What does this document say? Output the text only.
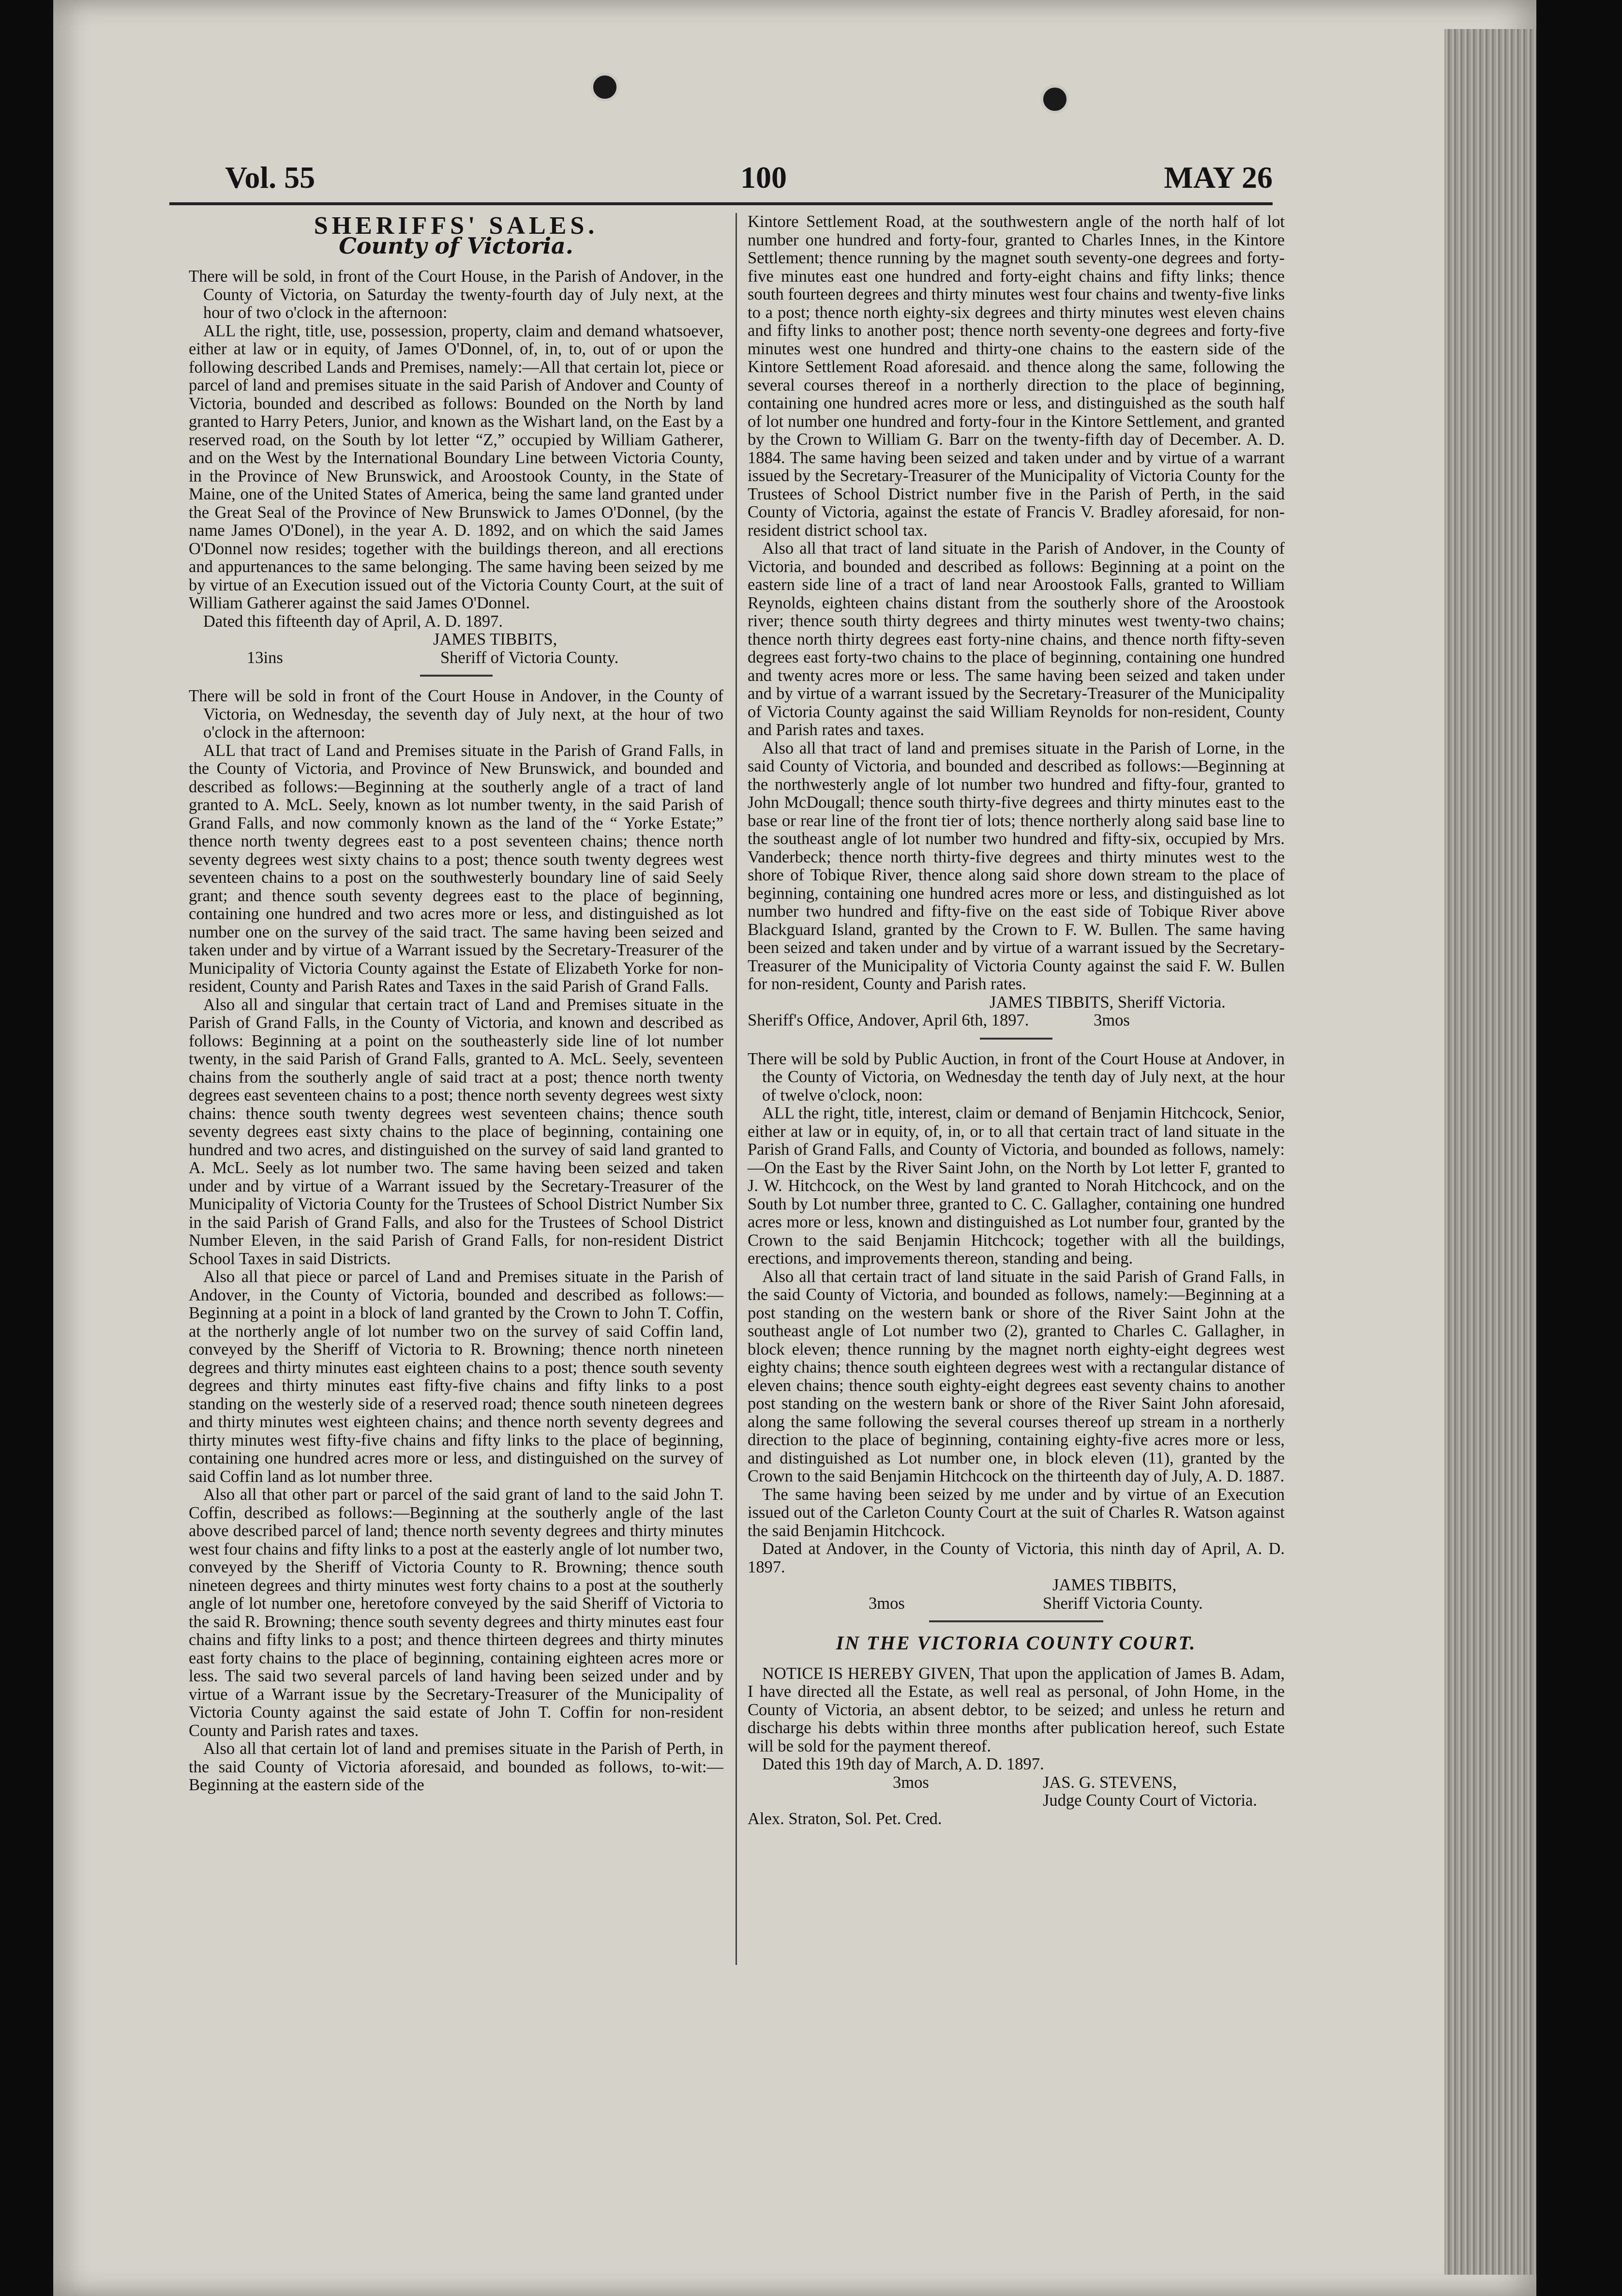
Vol. 55	100	MAY 26
SHERIFFS' SALES.
County of Victoria.

There will be sold, in front of the Court House, in the Parish of Andover, in the County of Victoria, on Saturday the twenty-fourth day of July next, at the hour of two o'clock in the afternoon:

ALL the right, title, use, possession, property, claim and demand whatsoever, either at law or in equity, of James O'Donnel, of, in, to, out of or upon the following described Lands and Premises, namely:—All that certain lot, piece or parcel of land and premises situate in the said Parish of Andover and County of Victoria, bounded and described as follows: Bounded on the North by land granted to Harry Peters, Junior, and known as the Wishart land, on the East by a reserved road, on the South by lot letter “Z,” occupied by William Gatherer, and on the West by the International Boundary Line between Victoria County, in the Province of New Brunswick, and Aroostook County, in the State of Maine, one of the United States of America, being the same land granted under the Great Seal of the Province of New Brunswick to James O'Donnel, (by the name James O'Donel), in the year A. D. 1892, and on which the said James O'Donnel now resides; together with the buildings thereon, and all erections and appurtenances to the same belonging. The same having been seized by me by virtue of an Execution issued out of the Victoria County Court, at the suit of William Gatherer against the said James O'Donnel.

Dated this fifteenth day of April, A. D. 1897.

JAMES TIBBITS,
13ins	Sheriff of Victoria County.

There will be sold in front of the Court House in Andover, in the County of Victoria, on Wednesday, the seventh day of July next, at the hour of two o'clock in the afternoon:

ALL that tract of Land and Premises situate in the Parish of Grand Falls, in the County of Victoria, and Province of New Brunswick, and bounded and described as follows:—Beginning at the southerly angle of a tract of land granted to A. McL. Seely, known as lot number twenty, in the said Parish of Grand Falls, and now commonly known as the land of the “ Yorke Estate;” thence north twenty degrees east to a post seventeen chains; thence north seventy degrees west sixty chains to a post; thence south twenty degrees west seventeen chains to a post on the southwesterly boundary line of said Seely grant; and thence south seventy degrees east to the place of beginning, containing one hundred and two acres more or less, and distinguished as lot number one on the survey of the said tract. The same having been seized and taken under and by virtue of a Warrant issued by the Secretary-Treasurer of the Municipality of Victoria County against the Estate of Elizabeth Yorke for non-resident, County and Parish Rates and Taxes in the said Parish of Grand Falls.

Also all and singular that certain tract of Land and Premises situate in the Parish of Grand Falls, in the County of Victoria, and known and described as follows: Beginning at a point on the southeasterly side line of lot number twenty, in the said Parish of Grand Falls, granted to A. McL. Seely, seventeen chains from the southerly angle of said tract at a post; thence north twenty degrees east seventeen chains to a post; thence north seventy degrees west sixty chains: thence south twenty degrees west seventeen chains; thence south seventy degrees east sixty chains to the place of beginning, containing one hundred and two acres, and distinguished on the survey of said land granted to A. McL. Seely as lot number two. The same having been seized and taken under and by virtue of a Warrant issued by the Secretary-Treasurer of the Municipality of Victoria County for the Trustees of School District Number Six in the said Parish of Grand Falls, and also for the Trustees of School District Number Eleven, in the said Parish of Grand Falls, for non-resident District School Taxes in said Districts.

Also all that piece or parcel of Land and Premises situate in the Parish of Andover, in the County of Victoria, bounded and described as follows:—Beginning at a point in a block of land granted by the Crown to John T. Coffin, at the northerly angle of lot number two on the survey of said Coffin land, conveyed by the Sheriff of Victoria to R. Browning; thence north nineteen degrees and thirty minutes east eighteen chains to a post; thence south seventy degrees and thirty minutes east fifty-five chains and fifty links to a post standing on the westerly side of a reserved road; thence south nineteen degrees and thirty minutes west eighteen chains; and thence north seventy degrees and thirty minutes west fifty-five chains and fifty links to the place of beginning, containing one hundred acres more or less, and distinguished on the survey of said Coffin land as lot number three.

Also all that other part or parcel of the said grant of land to the said John T. Coffin, described as follows:—Beginning at the southerly angle of the last above described parcel of land; thence north seventy degrees and thirty minutes west four chains and fifty links to a post at the easterly angle of lot number two, conveyed by the Sheriff of Victoria County to R. Browning; thence south nineteen degrees and thirty minutes west forty chains to a post at the southerly angle of lot number one, heretofore conveyed by the said Sheriff of Victoria to the said R. Browning; thence south seventy degrees and thirty minutes east four chains and fifty links to a post; and thence thirteen degrees and thirty minutes east forty chains to the place of beginning, containing eighteen acres more or less. The said two several parcels of land having been seized under and by virtue of a Warrant issue by the Secretary-Treasurer of the Municipality of Victoria County against the said estate of John T. Coffin for non-resident County and Parish rates and taxes.

Also all that certain lot of land and premises situate in the Parish of Perth, in the said County of Victoria aforesaid, and bounded as follows, to-wit:—Beginning at the eastern side of the

Kintore Settlement Road, at the southwestern angle of the north half of lot number one hundred and forty-four, granted to Charles Innes, in the Kintore Settlement; thence running by the magnet south seventy-one degrees and forty-five minutes east one hundred and forty-eight chains and fifty links; thence south fourteen degrees and thirty minutes west four chains and twenty-five links to a post; thence north eighty-six degrees and thirty minutes west eleven chains and fifty links to another post; thence north seventy-one degrees and forty-five minutes west one hundred and thirty-one chains to the eastern side of the Kintore Settlement Road aforesaid. and thence along the same, following the several courses thereof in a northerly direction to the place of beginning, containing one hundred acres more or less, and distinguished as the south half of lot number one hundred and forty-four in the Kintore Settlement, and granted by the Crown to William G. Barr on the twenty-fifth day of December. A. D. 1884. The same having been seized and taken under and by virtue of a warrant issued by the Secretary-Treasurer of the Municipality of Victoria County for the Trustees of School District number five in the Parish of Perth, in the said County of Victoria, against the estate of Francis V. Bradley aforesaid, for non-resident district school tax.

Also all that tract of land situate in the Parish of Andover, in the County of Victoria, and bounded and described as follows: Beginning at a point on the eastern side line of a tract of land near Aroostook Falls, granted to William Reynolds, eighteen chains distant from the southerly shore of the Aroostook river; thence south thirty degrees and thirty minutes west twenty-two chains; thence north thirty degrees east forty-nine chains, and thence north fifty-seven degrees east forty-two chains to the place of beginning, containing one hundred and twenty acres more or less. The same having been seized and taken under and by virtue of a warrant issued by the Secretary-Treasurer of the Municipality of Victoria County against the said William Reynolds for non-resident, County and Parish rates and taxes.

Also all that tract of land and premises situate in the Parish of Lorne, in the said County of Victoria, and bounded and described as follows:—Beginning at the northwesterly angle of lot number two hundred and fifty-four, granted to John McDougall; thence south thirty-five degrees and thirty minutes east to the base or rear line of the front tier of lots; thence northerly along said base line to the southeast angle of lot number two hundred and fifty-six, occupied by Mrs. Vanderbeck; thence north thirty-five degrees and thirty minutes west to the shore of Tobique River, thence along said shore down stream to the place of beginning, containing one hundred acres more or less, and distinguished as lot number two hundred and fifty-five on the east side of Tobique River above Blackguard Island, granted by the Crown to F. W. Bullen. The same having been seized and taken under and by virtue of a warrant issued by the Secretary-Treasurer of the Municipality of Victoria County against the said F. W. Bullen for non-resident, County and Parish rates.

JAMES TIBBITS, Sheriff Victoria.
Sheriff's Office, Andover, April 6th, 1897.	3mos

There will be sold by Public Auction, in front of the Court House at Andover, in the County of Victoria, on Wednesday the tenth day of July next, at the hour of twelve o'clock, noon:

ALL the right, title, interest, claim or demand of Benjamin Hitchcock, Senior, either at law or in equity, of, in, or to all that certain tract of land situate in the Parish of Grand Falls, and County of Victoria, and bounded as follows, namely:—On the East by the River Saint John, on the North by Lot letter F, granted to J. W. Hitchcock, on the West by land granted to Norah Hitchcock, and on the South by Lot number three, granted to C. C. Gallagher, containing one hundred acres more or less, known and distinguished as Lot number four, granted by the Crown to the said Benjamin Hitchcock; together with all the buildings, erections, and improvements thereon, standing and being.

Also all that certain tract of land situate in the said Parish of Grand Falls, in the said County of Victoria, and bounded as follows, namely:—Beginning at a post standing on the western bank or shore of the River Saint John at the southeast angle of Lot number two (2), granted to Charles C. Gallagher, in block eleven; thence running by the magnet north eighty-eight degrees west eighty chains; thence south eighteen degrees west with a rectangular distance of eleven chains; thence south eighty-eight degrees east seventy chains to another post standing on the western bank or shore of the River Saint John aforesaid, along the same following the several courses thereof up stream in a northerly direction to the place of beginning, containing eighty-five acres more or less, and distinguished as Lot number one, in block eleven (11), granted by the Crown to the said Benjamin Hitchcock on the thirteenth day of July, A. D. 1887.

The same having been seized by me under and by virtue of an Execution issued out of the Carleton County Court at the suit of Charles R. Watson against the said Benjamin Hitchcock.

Dated at Andover, in the County of Victoria, this ninth day of April, A. D. 1897.

JAMES TIBBITS,
3mos	Sheriff Victoria County.
IN THE VICTORIA COUNTY COURT.

NOTICE IS HEREBY GIVEN, That upon the application of James B. Adam, I have directed all the Estate, as well real as personal, of John Home, in the County of Victoria, an absent debtor, to be seized; and unless he return and discharge his debts within three months after publication hereof, such Estate will be sold for the payment thereof.

Dated this 19th day of March, A. D. 1897.

3mos	JAS. G. STEVENS,
Judge County Court of Victoria.
Alex. Straton, Sol. Pet. Cred.
